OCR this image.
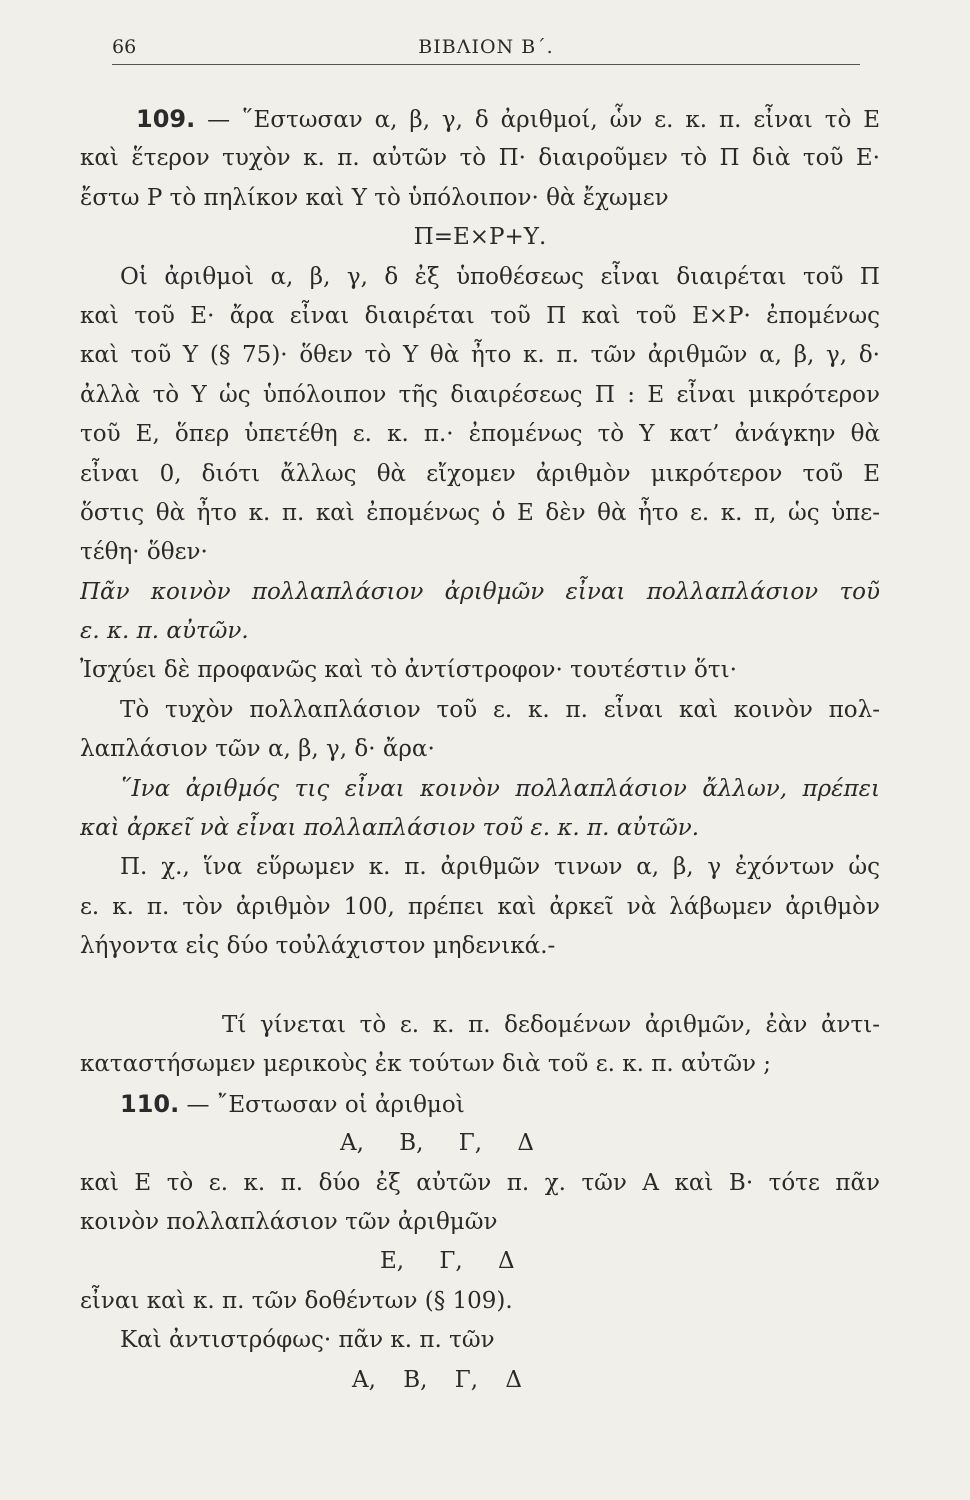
66	ΒΙΒΛΙΟΝ Β΄.
109. — ῞Εστωσαν α, β, γ, δ ἀριθμοί, ὧν ε. κ. π. εἶναι τὸ Ε
καὶ ἕτερον τυχὸν κ. π. αὐτῶν τὸ Π· διαιροῦμεν τὸ Π διὰ τοῦ Ε·
ἔστω Ρ τὸ πηλίκον καὶ Υ τὸ ὑπόλοιπον· θὰ ἔχωμεν
Π=Ε×Ρ+Υ.
Οἱ ἀριθμοὶ α, β, γ, δ ἐξ ὑποθέσεως εἶναι διαιρέται τοῦ Π
καὶ τοῦ Ε· ἄρα εἶναι διαιρέται τοῦ Π καὶ τοῦ Ε×Ρ· ἐπομένως
καὶ τοῦ Υ (§ 75)· ὅθεν τὸ Υ θὰ ἦτο κ. π. τῶν ἀριθμῶν α, β, γ, δ·
ἀλλὰ τὸ Υ ὡς ὑπόλοιπον τῆς διαιρέσεως Π : Ε εἶναι μικρότερον
τοῦ Ε, ὅπερ ὑπετέθη ε. κ. π.· ἐπομένως τὸ Υ κατ’ ἀνάγκην θὰ
εἶναι 0, διότι ἄλλως θὰ εἴχομεν ἀριθμὸν μικρότερον τοῦ Ε
ὅστις θὰ ἦτο κ. π. καὶ ἐπομένως ὁ Ε δὲν θὰ ἦτο ε. κ. π, ὡς ὑπε-
τέθη· ὅθεν·
Πᾶν κοινὸν πολλαπλάσιον ἀριθμῶν εἶναι πολλαπλάσιον τοῦ
ε. κ. π. αὐτῶν.
Ἰσχύει δὲ προφανῶς καὶ τὸ ἀντίστροφον· τουτέστιν ὅτι·
Τὸ τυχὸν πολλαπλάσιον τοῦ ε. κ. π. εἶναι καὶ κοινὸν πολ-
λαπλάσιον τῶν α, β, γ, δ· ἄρα·
῞Ινα ἀριθμός τις εἶναι κοινὸν πολλαπλάσιον ἄλλων, πρέπει
καὶ ἀρκεῖ νὰ εἶναι πολλαπλάσιον τοῦ ε. κ. π. αὐτῶν.
Π. χ., ἵνα εὕρωμεν κ. π. ἀριθμῶν τινων α, β, γ ἐχόντων ὡς
ε. κ. π. τὸν ἀριθμὸν 100, πρέπει καὶ ἀρκεῖ νὰ λάβωμεν ἀριθμὸν
λήγοντα εἰς δύο τοὐλάχιστον μηδενικά.-
Τί γίνεται τὸ ε. κ. π. δεδομένων ἀριθμῶν, ἐὰν ἀντι-
καταστήσωμεν μερικοὺς ἐκ τούτων διὰ τοῦ ε. κ. π. αὐτῶν ;
110. — ῎Εστωσαν οἱ ἀριθμοὶ
Α, Β, Γ, Δ
καὶ Ε τὸ ε. κ. π. δύο ἐξ αὐτῶν π. χ. τῶν Α καὶ Β· τότε πᾶν
κοινὸν πολλαπλάσιον τῶν ἀριθμῶν
Ε, Γ, Δ
εἶναι καὶ κ. π. τῶν δοθέντων (§ 109).
Καὶ ἀντιστρόφως· πᾶν κ. π. τῶν
Α, Β, Γ, Δ
